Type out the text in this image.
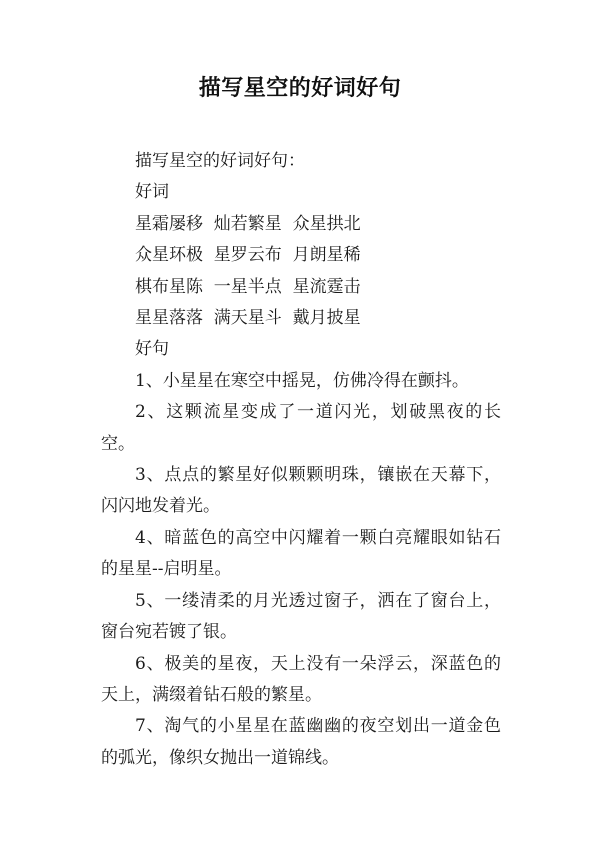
描写星空的好词好句
描写星空的好词好句：
好词
星霜屡移  灿若繁星  众星拱北
众星环极  星罗云布  月朗星稀
棋布星陈  一星半点  星流霆击
星星落落  满天星斗  戴月披星
好句

1、小星星在寒空中摇晃，仿佛冷得在颤抖。

2、这颗流星变成了一道闪光，划破黑夜的长空。

3、点点的繁星好似颗颗明珠，镶嵌在天幕下，闪闪地发着光。

4、暗蓝色的高空中闪耀着一颗白亮耀眼如钻石的星星--启明星。

5、一缕清柔的月光透过窗子，洒在了窗台上，窗台宛若镀了银。

6、极美的星夜，天上没有一朵浮云，深蓝色的天上，满缀着钻石般的繁星。

7、淘气的小星星在蓝幽幽的夜空划出一道金色的弧光，像织女抛出一道锦线。
